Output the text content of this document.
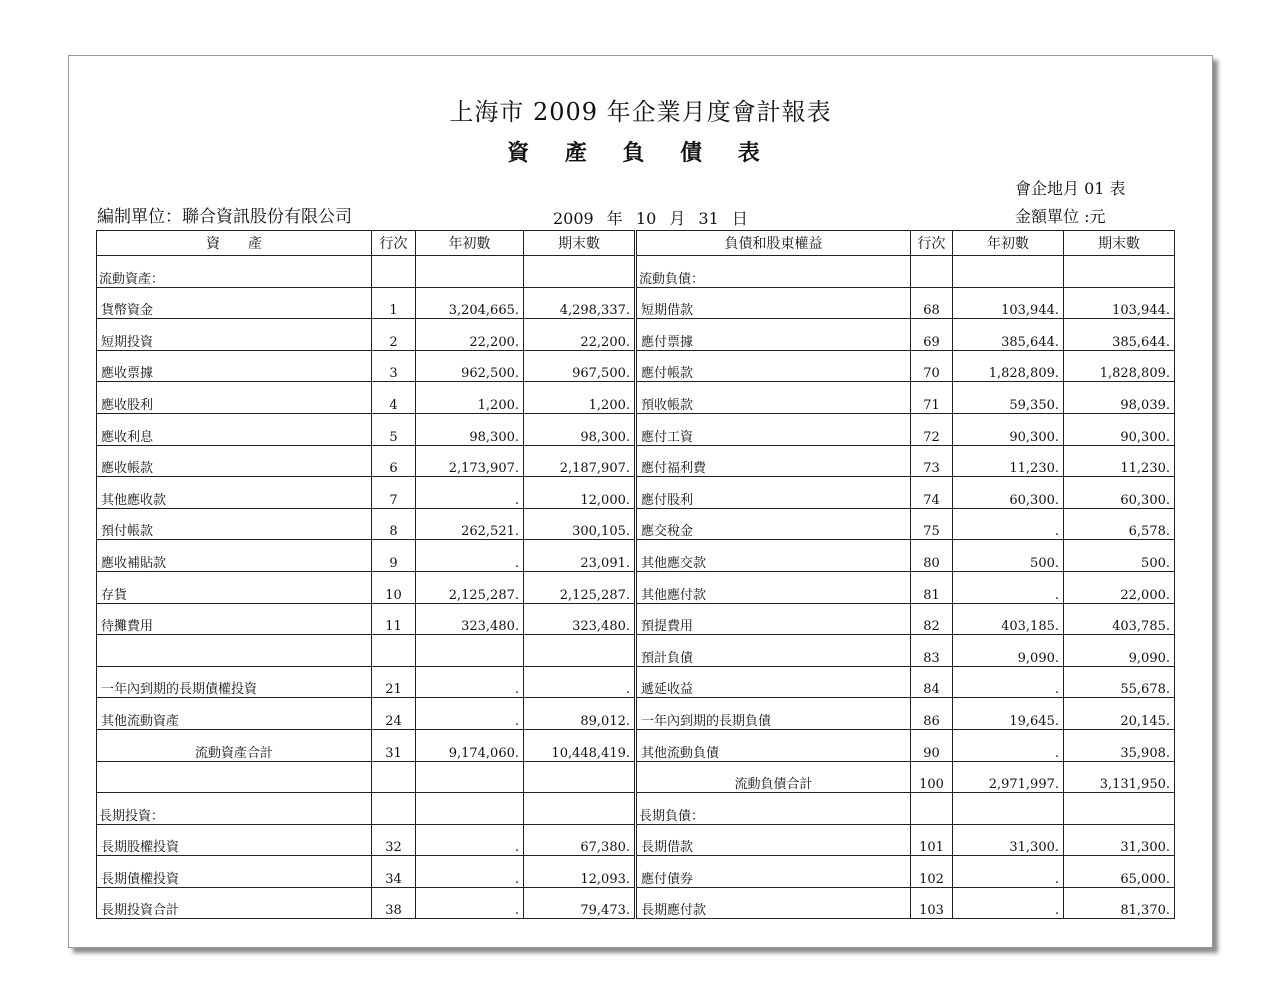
上海市 2009 年企業月度會計報表
資 產 負 債 表
會企地月 01 表
編制單位：聯合資訊股份有限公司	2009 年 10 月 31 日	金額單位 :元
資　　產	行次	年初數	期末數	負債和股東權益	行次	年初數	期末數
流動資產：				流動負債：			
貨幣資金	1	3,204,665.	4,298,337.	短期借款	68	103,944.	103,944.
短期投資	2	22,200.	22,200.	應付票據	69	385,644.	385,644.
應收票據	3	962,500.	967,500.	應付帳款	70	1,828,809.	1,828,809.
應收股利	4	1,200.	1,200.	預收帳款	71	59,350.	98,039.
應收利息	5	98,300.	98,300.	應付工資	72	90,300.	90,300.
應收帳款	6	2,173,907.	2,187,907.	應付福利費	73	11,230.	11,230.
其他應收款	7	.	12,000.	應付股利	74	60,300.	60,300.
預付帳款	8	262,521.	300,105.	應交稅金	75	.	6,578.
應收補貼款	9	.	23,091.	其他應交款	80	500.	500.
存貨	10	2,125,287.	2,125,287.	其他應付款	81	.	22,000.
待攤費用	11	323,480.	323,480.	預提費用	82	403,185.	403,785.
				預計負債	83	9,090.	9,090.
一年內到期的長期債權投資	21	.	.	遞延收益	84	.	55,678.
其他流動資產	24	.	89,012.	一年內到期的長期負債	86	19,645.	20,145.
流動資產合計	31	9,174,060.	10,448,419.	其他流動負債	90	.	35,908.
				流動負債合計	100	2,971,997.	3,131,950.
長期投資：				長期負債：			
長期股權投資	32	.	67,380.	長期借款	101	31,300.	31,300.
長期債權投資	34	.	12,093.	應付債券	102	.	65,000.
長期投資合計	38	.	79,473.	長期應付款	103	.	81,370.
